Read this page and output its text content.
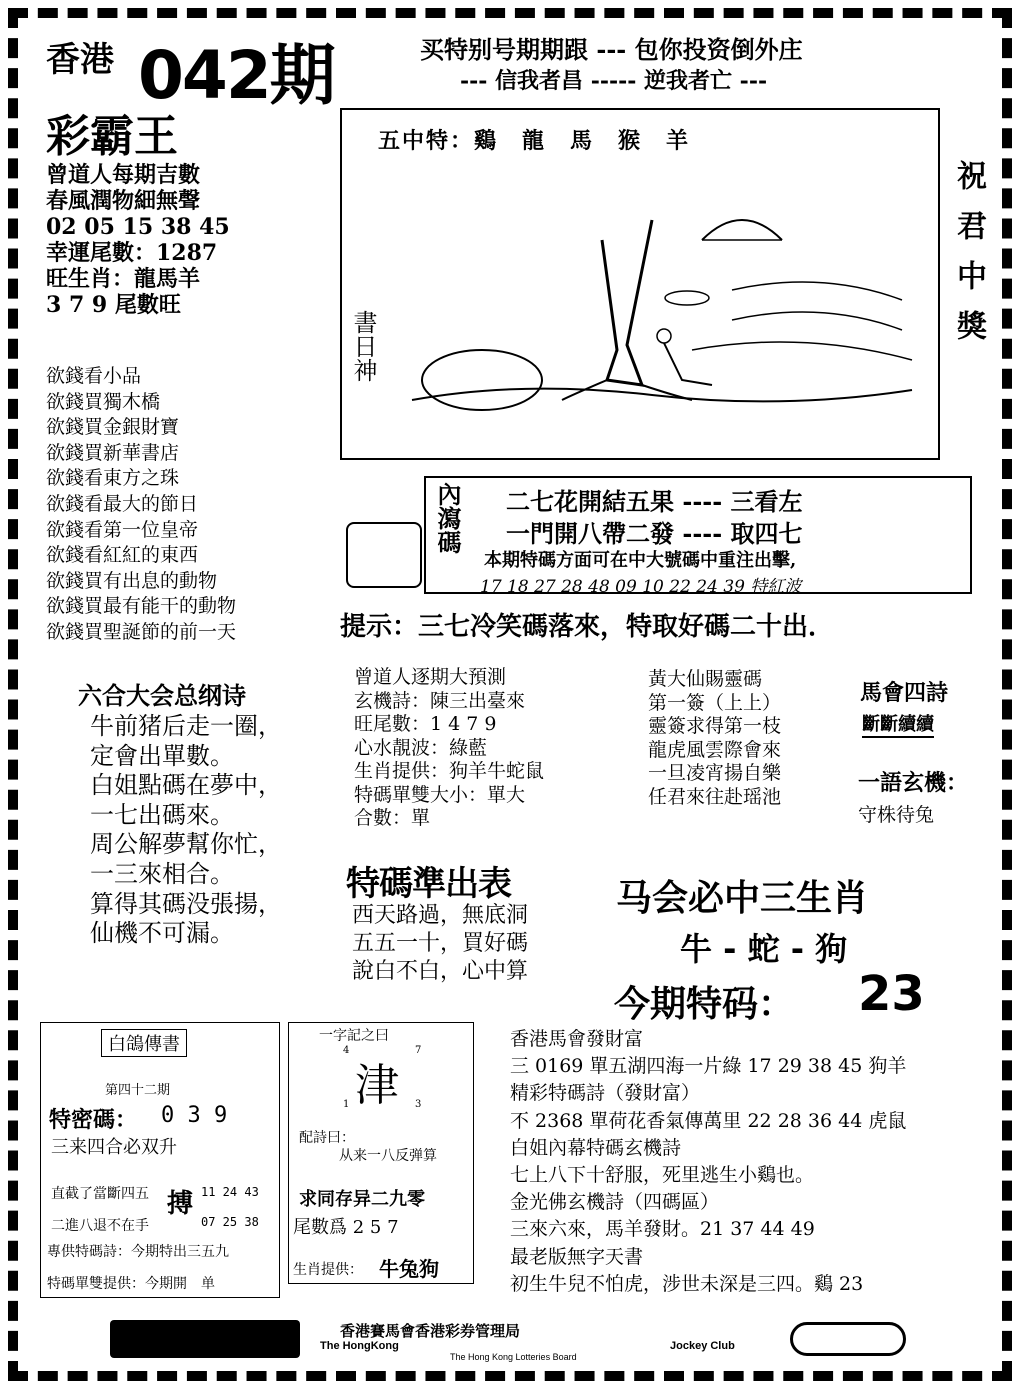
香港 042期
彩霸王
买特别号期期跟 --- 包你投资倒外庄
--- 信我者昌 ----- 逆我者亡 ---
曾道人每期吉數
春風潤物細無聲
02 05 15 38 45
幸運尾數：1287
旺生肖：龍馬羊
3 7 9 尾數旺
欲錢看小品
欲錢買獨木橋
欲錢買金銀財寶
欲錢買新華書店
欲錢看東方之珠
欲錢看最大的節日
欲錢看第一位皇帝
欲錢看紅紅的東西
欲錢買有出息的動物
欲錢買最有能干的動物
欲錢買聖誕節的前一天
五中特：鷄　龍　馬　猴　羊
書日神	祝君中獎
內瀉碼 二七花開結五果 ---- 三看左
一門開八帶二發 ---- 取四七
本期特碼方面可在中大號碼中重注出擊,
17 18 27 28 48 09 10 22 24 39 特紅波
提示：三七冷笑碼落來，特取好碼二十出．
六合大会总纲诗
牛前猪后走一圈，
定會出單數。
白姐點碼在夢中，
一七出碼來。
周公解夢幫你忙，
一三來相合。
算得其碼没張揚，
仙機不可漏。
曾道人逐期大預測
玄機詩：陳三出臺來
旺尾數：1 4 7 9
心水靚波：綠藍
生肖提供：狗羊牛蛇鼠
特碼單雙大小：單大
合數：單
黃大仙賜靈碼
第一簽（上上）
靈簽求得第一枝
龍虎風雲際會來
一旦凌宵揚自樂
任君來往赴瑶池
馬會四詩
斷斷續續
一語玄機：
守株待兔
特碼準出表
西天路過，無底洞
五五一十，買好碼
說白不白，心中算
马会必中三生肖
牛 - 蛇 - 狗
今期特码： 23
白鴿傳書
第四十二期
特密碼： 0 3 9
三来四合必双升
直截了當斷四五
二進八退不在手
搏 11 24 43
07 25 38
專供特碼詩：今期特出三五九
特碼單雙提供：今期開　单
一字記之曰
4	7
津
1	3
配詩曰：
从来一八反弹算
求同存异二九零
尾數爲 2 5 7
生肖提供： 牛兔狗
香港馬會發財富
三 0169 單五湖四海一片綠 17 29 38 45 狗羊
精彩特碼詩（發財富）
不 2368 單荷花香氣傳萬里 22 28 36 44 虎鼠
白姐內幕特碼玄機詩
七上八下十舒服，死里逃生小鷄也。
金光佛玄機詩（四碼區）
三來六來，馬羊發財。21 37 44 49
最老版無字天書
初生牛兒不怕虎，涉世未深是三四。鷄 23
香港賽馬會香港彩券管理局
The HongKong	Jockey Club
The Hong Kong Lotteries Board
